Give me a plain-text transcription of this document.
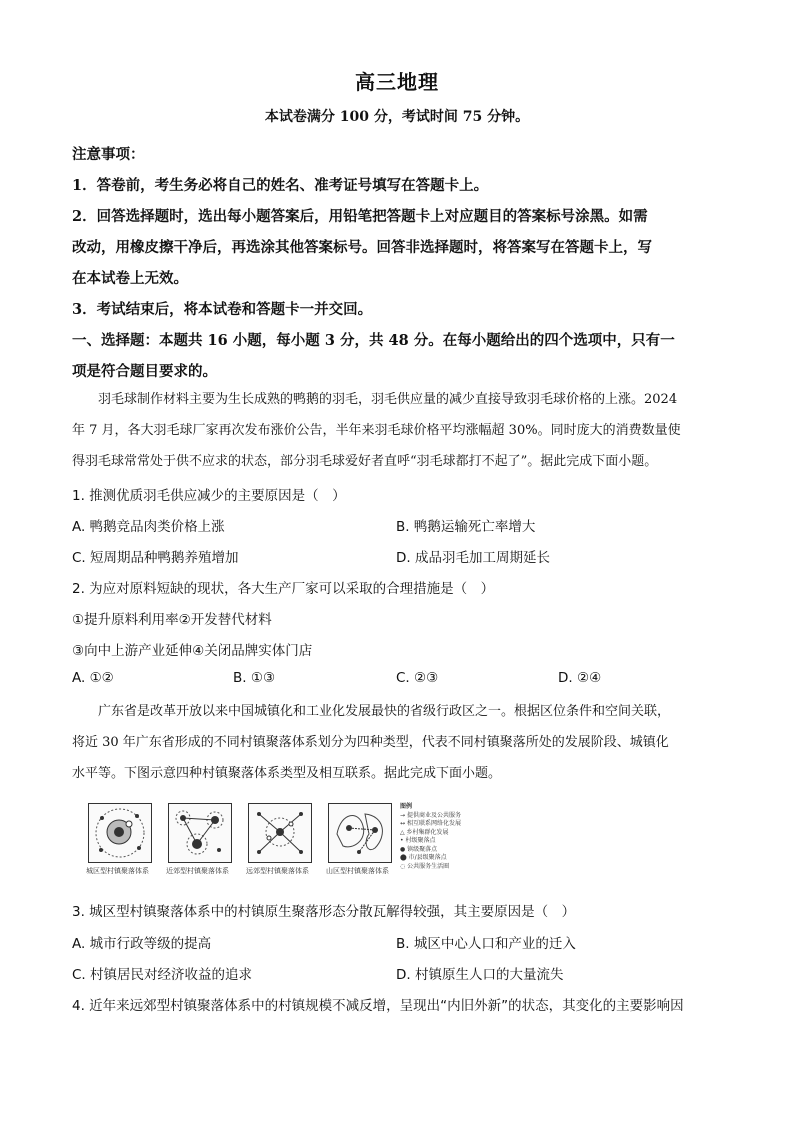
高三地理
本试卷满分 100 分，考试时间 75 分钟。
注意事项：
1．答卷前，考生务必将自己的姓名、准考证号填写在答题卡上。
2．回答选择题时，选出每小题答案后，用铅笔把答题卡上对应题目的答案标号涂黑。如需
改动，用橡皮擦干净后，再选涂其他答案标号。回答非选择题时，将答案写在答题卡上，写
在本试卷上无效。
3．考试结束后，将本试卷和答题卡一并交回。
一、选择题：本题共 16 小题，每小题 3 分，共 48 分。在每小题给出的四个选项中，只有一
项是符合题目要求的。
　　羽毛球制作材料主要为生长成熟的鸭鹅的羽毛，羽毛供应量的减少直接导致羽毛球价格的上涨。2024
年 7 月，各大羽毛球厂家再次发布涨价公告，半年来羽毛球价格平均涨幅超 30%。同时庞大的消费数量使
得羽毛球常常处于供不应求的状态，部分羽毛球爱好者直呼“羽毛球都打不起了”。据此完成下面小题。
1. 推测优质羽毛供应减少的主要原因是（　）
A. 鸭鹅竞品肉类价格上涨	B. 鸭鹅运输死亡率增大
C. 短周期品种鸭鹅养殖增加	D. 成品羽毛加工周期延长
2. 为应对原料短缺的现状，各大生产厂家可以采取的合理措施是（　）
①提升原料利用率②开发替代材料
③向中上游产业延伸④关闭品牌实体门店
A. ①②	B. ①③	C. ②③	D. ②④
　　广东省是改革开放以来中国城镇化和工业化发展最快的省级行政区之一。根据区位条件和空间关联，
将近 30 年广东省形成的不同村镇聚落体系划分为四种类型，代表不同村镇聚落所处的发展阶段、城镇化
水平等。下图示意四种村镇聚落体系类型及相互联系。据此完成下面小题。
城区型村镇聚落体系 近郊型村镇聚落体系 远郊型村镇聚落体系 山区型村镇聚落体系
图例
→ 提供商业及公共服务
↔ 相互联系网络化发展
△ 乡村集群化发展
• 村级聚落点
● 镇级聚落点
⬤ 市/县级聚落点
◌ 公共服务生活圈
3. 城区型村镇聚落体系中的村镇原生聚落形态分散瓦解得较强，其主要原因是（　）
A. 城市行政等级的提高	B. 城区中心人口和产业的迁入
C. 村镇居民对经济收益的追求	D. 村镇原生人口的大量流失
4. 近年来远郊型村镇聚落体系中的村镇规模不减反增，呈现出“内旧外新”的状态，其变化的主要影响因
